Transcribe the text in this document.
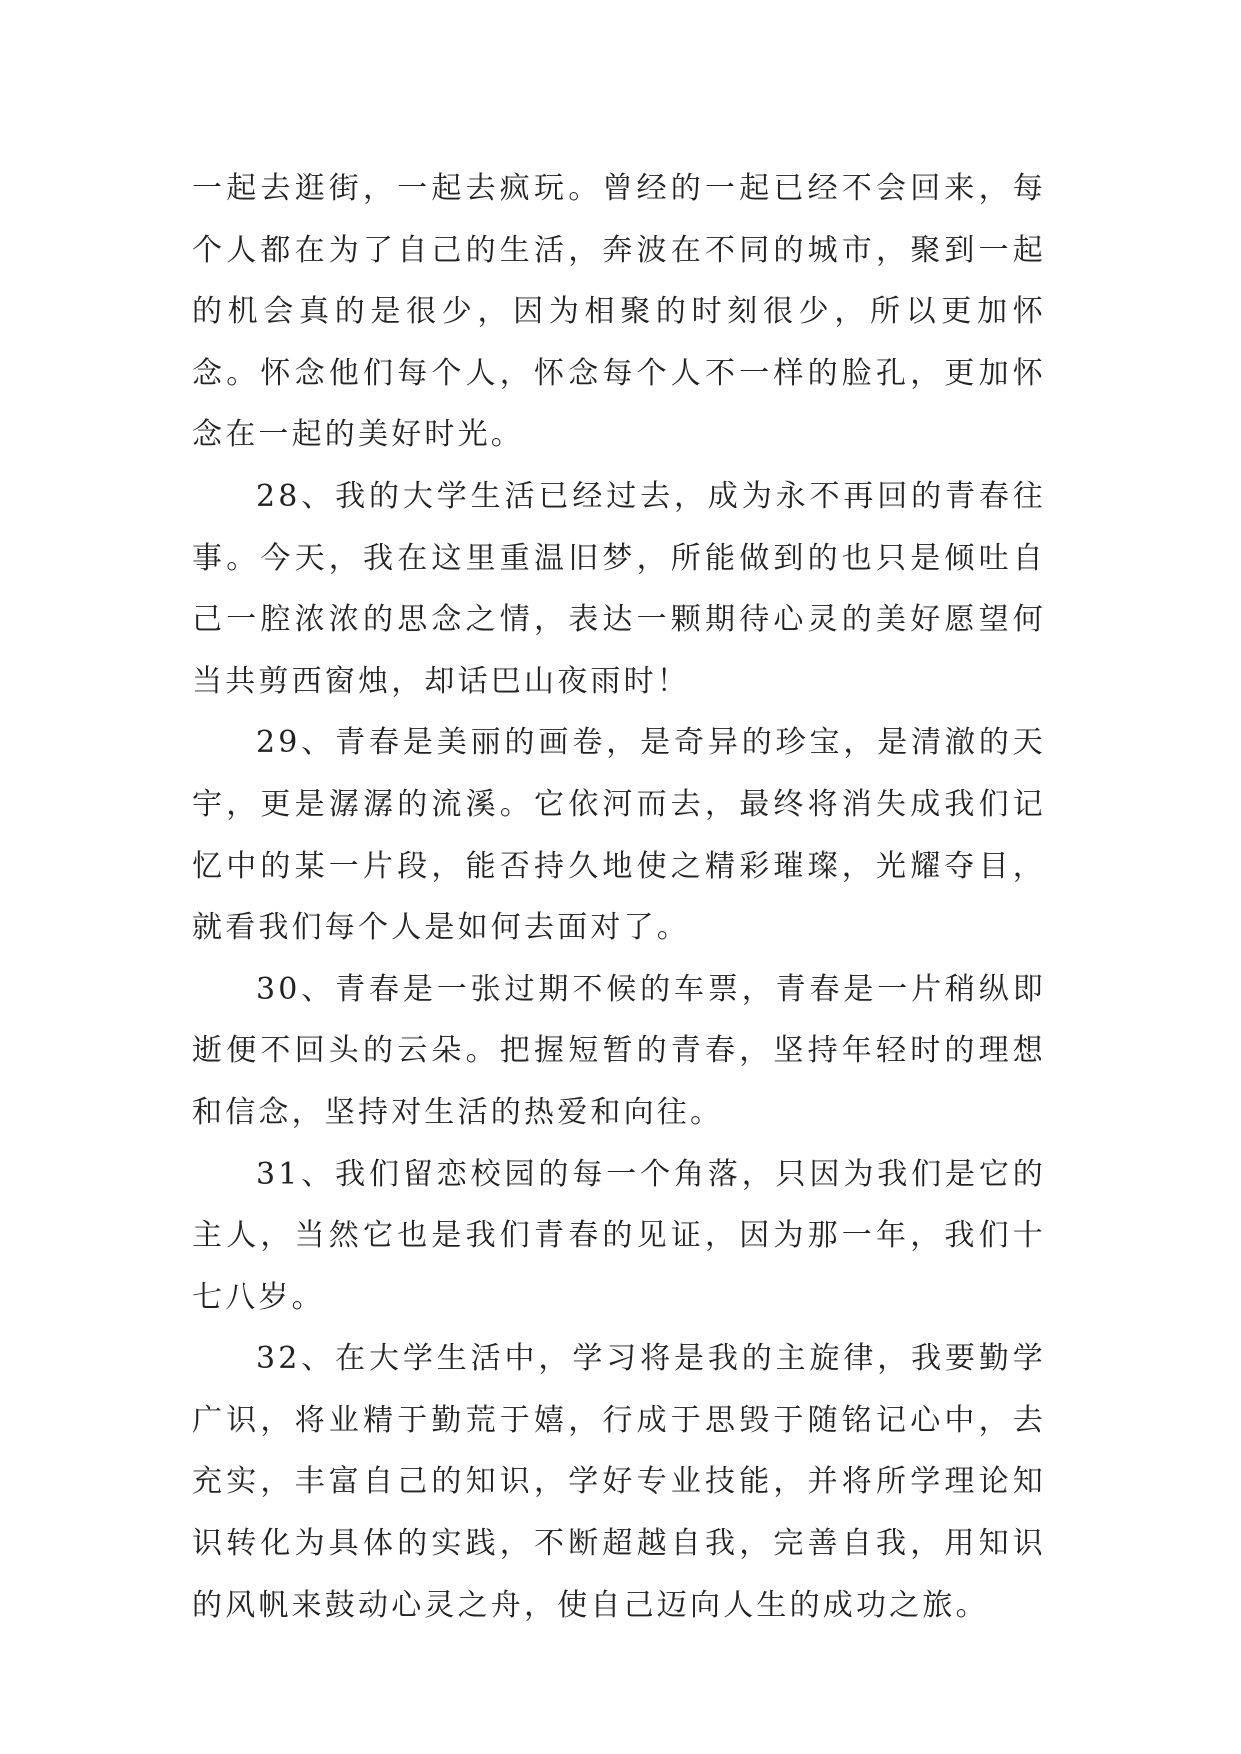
一起去逛街，一起去疯玩。曾经的一起已经不会回来，每个人都在为了自己的生活，奔波在不同的城市，聚到一起的机会真的是很少，因为相聚的时刻很少，所以更加怀念。怀念他们每个人，怀念每个人不一样的脸孔，更加怀念在一起的美好时光。

28、我的大学生活已经过去，成为永不再回的青春往事。今天，我在这里重温旧梦，所能做到的也只是倾吐自己一腔浓浓的思念之情，表达一颗期待心灵的美好愿望何当共剪西窗烛，却话巴山夜雨时！

29、青春是美丽的画卷，是奇异的珍宝，是清澈的天宇，更是潺潺的流溪。它依河而去，最终将消失成我们记忆中的某一片段，能否持久地使之精彩璀璨，光耀夺目，就看我们每个人是如何去面对了。

30、青春是一张过期不候的车票，青春是一片稍纵即逝便不回头的云朵。把握短暂的青春，坚持年轻时的理想和信念，坚持对生活的热爱和向往。

31、我们留恋校园的每一个角落，只因为我们是它的主人，当然它也是我们青春的见证，因为那一年，我们十七八岁。

32、在大学生活中，学习将是我的主旋律，我要勤学广识，将业精于勤荒于嬉，行成于思毁于随铭记心中，去充实，丰富自己的知识，学好专业技能，并将所学理论知识转化为具体的实践，不断超越自我，完善自我，用知识的风帆来鼓动心灵之舟，使自己迈向人生的成功之旅。
